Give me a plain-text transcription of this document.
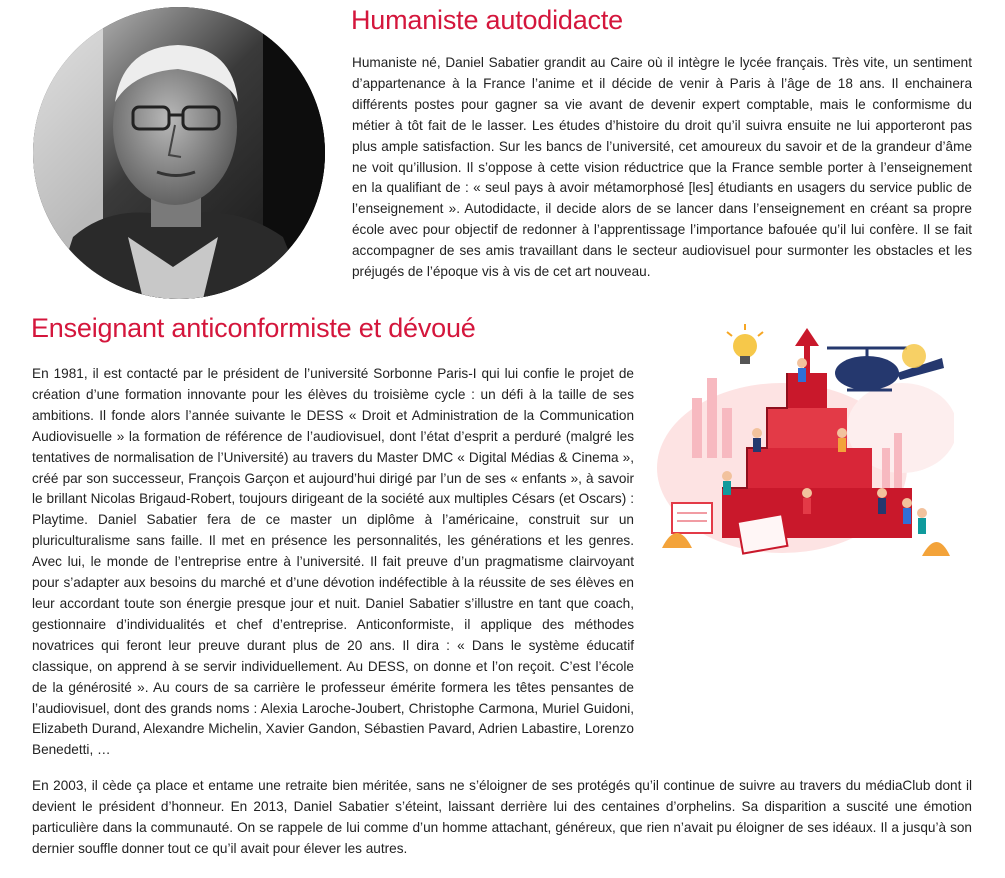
Humaniste autodidacte

Humaniste né, Daniel Sabatier grandit au Caire où il intègre le lycée français. Très vite, un sentiment d’appartenance à la France l’anime et il décide de venir à Paris à l’âge de 18 ans. Il enchainera différents postes pour gagner sa vie avant de devenir expert comptable, mais le conformisme du métier à tôt fait de le lasser. Les études d’histoire du droit qu’il suivra ensuite ne lui apporteront pas plus ample satisfaction. Sur les bancs de l’université, cet amoureux du savoir et de la grandeur d’âme ne voit qu’illusion. Il s’oppose à cette vision réductrice que la France semble porter à l’enseignement en la qualifiant de : « seul pays à avoir métamorphosé [les] étudiants en usagers du service public de l’enseignement ». Autodidacte, il decide alors de se lancer dans l’enseignement en créant sa propre école avec pour objectif de redonner à l’apprentissage l’importance bafouée qu’il lui confère. Il se fait accompagner de ses amis travaillant dans le secteur audiovisuel pour surmonter les obstacles et les préjugés de l’époque vis à vis de cet art nouveau.

Enseignant anticonformiste et dévoué

En 1981, il est contacté par le président de l’université Sorbonne Paris-I qui lui confie le projet de création d’une formation innovante pour les élèves du troisième cycle : un défi à la taille de ses ambitions. Il fonde alors l’année suivante le DESS « Droit et Administration de la Communication Audiovisuelle » la formation de référence de l’audiovisuel, dont l’état d’esprit a perduré (malgré les tentatives de normalisation de l’Université) au travers du Master DMC « Digital Médias & Cinema », créé par son successeur, François Garçon et aujourd’hui dirigé par l’un de ses « enfants », à savoir le brillant Nicolas Brigaud-Robert, toujours dirigeant de la société aux multiples Césars (et Oscars) : Playtime. Daniel Sabatier fera de ce master un diplôme à l’américaine, construit sur un pluriculturalisme sans faille. Il met en présence les personnalités, les générations et les genres. Avec lui, le monde de l’entreprise entre à l’université. Il fait preuve d’un pragmatisme clairvoyant pour s’adapter aux besoins du marché et d’une dévotion indéfectible à la réussite de ses élèves en leur accordant toute son énergie presque jour et nuit. Daniel Sabatier s’illustre en tant que coach, gestionnaire d’individualités et chef d’entreprise. Anticonformiste, il applique des méthodes novatrices qui feront leur preuve durant plus de 20 ans. Il dira : « Dans le système éducatif classique, on apprend à se servir individuellement. Au DESS, on donne et l’on reçoit. C’est l’école de la générosité ». Au cours de sa carrière le professeur émérite formera les têtes pensantes de l’audiovisuel, dont des grands noms : Alexia Laroche-Joubert, Christophe Carmona, Muriel Guidoni, Elizabeth Durand, Alexandre Michelin, Xavier Gandon, Sébastien Pavard, Adrien Labastire, Lorenzo Benedetti, …

En 2003, il cède ça place et entame une retraite bien méritée, sans ne s’éloigner de ses protégés qu’il continue de suivre au travers du médiaClub dont il devient le président d’honneur. En 2013, Daniel Sabatier s’éteint, laissant derrière lui des centaines d’orphelins. Sa disparition a suscité une émotion particulière dans la communauté. On se rappele de lui comme d’un homme attachant, généreux, que rien n’avait pu éloigner de ses idéaux. Il a jusqu’à son dernier souffle donner tout ce qu’il avait pour élever les autres.
